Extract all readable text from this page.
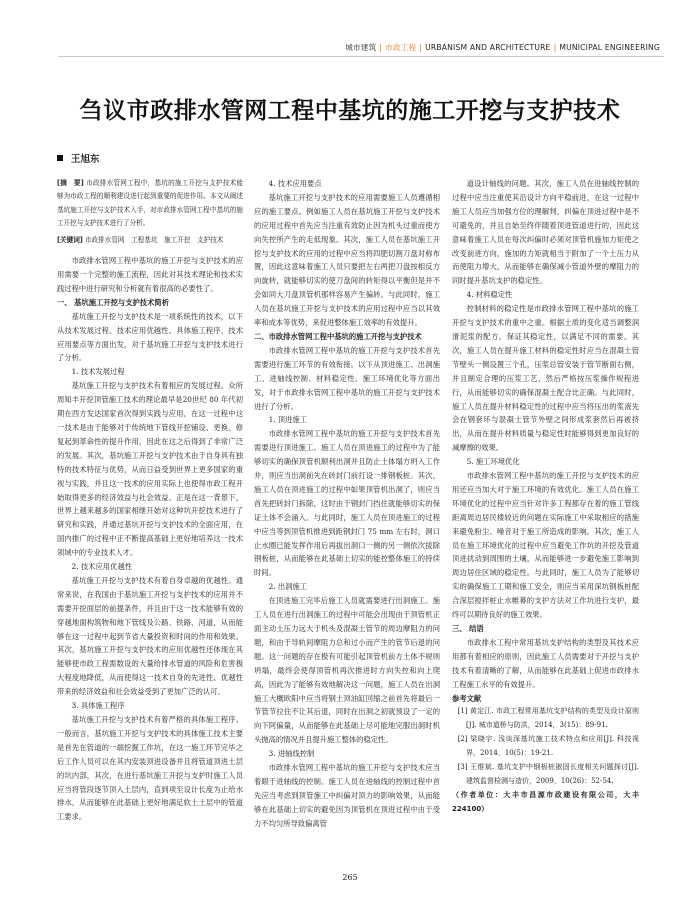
城市建筑 | 市政工程 | URBANISM AND ARCHITECTURE | MUNICIPAL ENGINEERING
刍议市政排水管网工程中基坑的施工开挖与支护技术
王旭东

[摘　要] 市政排水管网工程中，基坑的施工开挖与支护技术能够为市政工程的顺利建设进行起到重要的促进作用。本文从阐述基坑施工开挖与支护技术入手，对市政排水管网工程中基坑的施工开挖与支护技术进行了分析。

[关键词] 市政排水管网　工程基坑　施工开挖　支护技术

市政排水管网工程中基坑的施工开挖与支护技术的应用需要一个完整的施工流程，因此对其技术理论和技术实践过程中进行研究和分析就有着很高的必要性了。

一、 基坑施工开挖与支护技术简析

基坑施工开挖与支护技术是一项系统性的技术，以下从技术发展过程、技术应用优越性、具体施工程序、技术应用要点等方面出发，对于基坑施工开挖与支护技术进行了分析。

1. 技术发展过程

基坑施工开挖与支护技术有着相应的发展过程。众所周知丰开挖顶管施工技术的理论最早是20世纪 80 年代初期在西方发达国家首次得到实践与应用，在这一过程中这一技术是由于能够对于传统地下管线开挖铺设、更换、修复起到革命性的提升作用，因此在这之后得到了非常广泛的发展。其次，基坑施工开挖与支护技术由于自身具有独特的技术特征与优势，从而日益受到世界上更多国家的重视与实践，并且这一技术的应用实际上也使得市政工程开始取得更多的经济效益与社会效益。正是在这一背景下，世界上越来越多的国家相继开始对这种坑开挖技术进行了研究和实践，并通过基坑开挖与支护技术的全面应用，在国内推广的过程中正不断提高基础上更好地培养这一技术领域中的专业技术人才。

2. 技术应用优越性

基坑施工开挖与支护技术有着自身卓越的优越性。通常来说，在我国由于基坑施工开挖与支护技术的应用并不需要开挖面层的前提条件，并且由于这一技术能够有效的穿越地面构筑物和地下管线及公路、铁路、河道，从而能够在这一过程中起到节省大量投资和时间的作用和效果。其次，基坑施工开挖与支护技术的应用优越性还体现在其能够使市政工程需数设的大量给排水管道的风险和危害极大程度地降低，从而使得这一技术自身的先进性、优越性带来的经济效益和社会效益受到了更加广泛的认可。

3. 具体施工程序

基坑施工开挖与支护技术有着严格的具体施工程序。一般而言，基坑施工开挖与支护技术的具体施工技术主要是首先在管道的一端挖掘工作坑，在这一施工环节完毕之后工作人员可以在其内安装顶进设备并且将管道顶进土层的坑内部，其次，在进行基坑施工开挖与支护时施工人员应当将管段逐节顶入土层内，直到项至设计长度为止给水排水，从而能够在此基础上更好地满足软土土层中的管道工要求。

4. 技术应用要点

基坑施工开挖与支护技术的应用需要施工人员遵循相应的施工要点。例如施工人员在基坑施工开挖与支护技术的应用过程中首先应当注重有效防止因为机头过重而使方向失控所产生的走低现象。其次，施工人员在基坑施工开挖与支护技术的应用的过程中应当将四肥切割刀盘对称布置，因此这意味着施工人员只要把左右两把刀盘按相反方向旋转，就能够切实的使刀盘间的转矩得以平衡但是并不会如同大刀盘顶管机那样容易产生偏转。与此同时，施工人员在基坑施工开挖与支护技术的应用过程中应当以其效率和成本等优势，来促进整体施工效率的有效提升。

二、市政排水管网工程中基坑的施工开挖与支护技术

市政排水管网工程中基坑的施工开挖与支护技术首先需要进行施工环节的有效衔接。以下从顶进施工、出洞施工、进轴线控制、材料稳定性、施工环境优化等方面出发，对于市政排水管网工程中基坑的施工开挖与支护技术进行了分析。

1. 顶进施工

市政排水管网工程中基坑的施工开挖与支护技术首先需要进行顶进施工。施工人员在顶进施工的过程中为了能够切实的确保顶管机顺利出洞并且防止土体塌方坍入工作井，则应当出洞前先在砖封门前打设一排钢板桩。其次，施工人员在顶进施工的过程中如果顶管机出洞了，则应当首先把砖封门拆除，这时由于钢封门挡住就能够切实的保证土体不会涌入。与此同时，施工人员在顶进施工的过程中应当等到顶管机推进到距钢封门 75 mm 左右时，洞口止水圈已能发挥作用后再拔出洞口一侧的另一侧依次拔除钢板桩，从而能够在此基础上切实的能控整体施工的持续时间。

2. 出洞施工

在顶进施工完毕后施工人员就需要进行出洞施工。施工人员在进行出洞施工的过程中可能会出现由于顶管机正面主动土压力远大于机头及混凝土管节的周边摩阻力的问题，和由于导轨间摩阻力总和过小而产生的管节后退的问题。这一问题的存在极有可能引起顶管机前方土体不规则坍塌，最终会使得顶管机再次推进时方向失控和向上爬高，因此为了能够有效地解决这一问题，施工人员在出洞施工大概欧阳中应当将钢土顶油缸回缩之前首先将最后一节管节拉住不让其后退，同时在出洞之初就预设了一定的向下阿偏量，从而能够在此基础上尽可能地完服出洞时机头抛高的情况并且提升施工整体的稳定性。

3. 进轴线控制

市政排水管网工程中基坑的施工开挖与支护技术应当着眼于进轴线的控制。施工人员在进轴线的控制过程中首先应当考虑到顶管施工中纠偏对顶力的影响效果，从而能够在此基础上切实的避免因为顶管机在顶进过程中由于受力不均匀所导致偏离管

道设计轴线的问题。其次，施工人员在进轴线控制的过程中应当注重使其沿设计方向平稳前进，在这一过程中施工人员应当加强方位的理解判，纠偏在顶进过程中是不可避免的，并且自始至终伴随着顶进管道进行的，因此这意味着施工人员在每次纠偏时必须对顶管机施加力矩使之改变前进方向，施加的力矩就相当于附加了一个土压力从而使阻力增大，从而能够在确保减小管道外壁的摩阻力的同时提升基坑支护的稳定性。

4. 材料稳定性

控制材料的稳定性是市政排水管网工程中基坑的施工开挖与支护技术的重中之重。根据土质的变化适当调整润滑泥浆的配方，保证其稳定性，以满足不同的需要。其次，施工人员在提升施工材料的稳定性时应当在混凝土管节壁头一侧设置三个孔，压浆总管安装于管节断面右侧，并且制定合理的压浆工艺，然后严格按压浆操作规程进行，从而能够切实的确保混凝土配合比正确。与此同时，施工人员在提升材料稳定性的过程中应当将压出的浆液先会在钢套环与混凝土管节外壁之间形成浆套然后再被挤出，从而在提升材料质量与稳定性时能够得到更加良好的减摩擦的效果。

5. 施工环境优化

市政排水管网工程中基坑的施工开挖与支护技术的应用还应当加大对于施工环境的有效优化。施工人员在施工环境优化的过程中应当针对许多工程都存在着的施工管线距离周边居民楼较近的问题在实际施工中采取相应的措施来避免粉尘、噪音对于施工所造成的影响。其次，施工人员在施工环境优化的过程中应当避免工作坑的开挖及管道顶进扰动到周围的土壤，从而能够进一步避免施工影响到周边居住区域的稳定性。与此同时，施工人员为了能够切实的确保施工工期和施工安全，则应当采用深坑钢板桩配合深层搅拌桩止水帷幕的支护方法对工作坑进行支护，最终可以期待良好的施工效果。

三、 结语

市政排水工程中常用基坑支护结构的类型及其技术应用都有着相应的原则，因此施工人员需要对于开挖与支护技术有着清晰的了解，从而能够在此基础上促进市政排水工程施工水平的有效提升。

参考文献

[1] 黄定江. 市政工程常用基坑支护结构的类型及设计原则[J]. 城市道桥与防洪，2014，3(15)：89-91.

[2] 梁晓宇. 浅谈深基坑施工技术特点和应用[J]. 科技视界，2014，10(5)：19-21.

[3] 王维斌. 基坑支护中钢板桩嵌固长度相关问题探讨[J]. 建筑监督检测与造价，2009，10(26)：52-54.

（作者单位：大丰市昌源市政建设有限公司，大丰 224100）

265
